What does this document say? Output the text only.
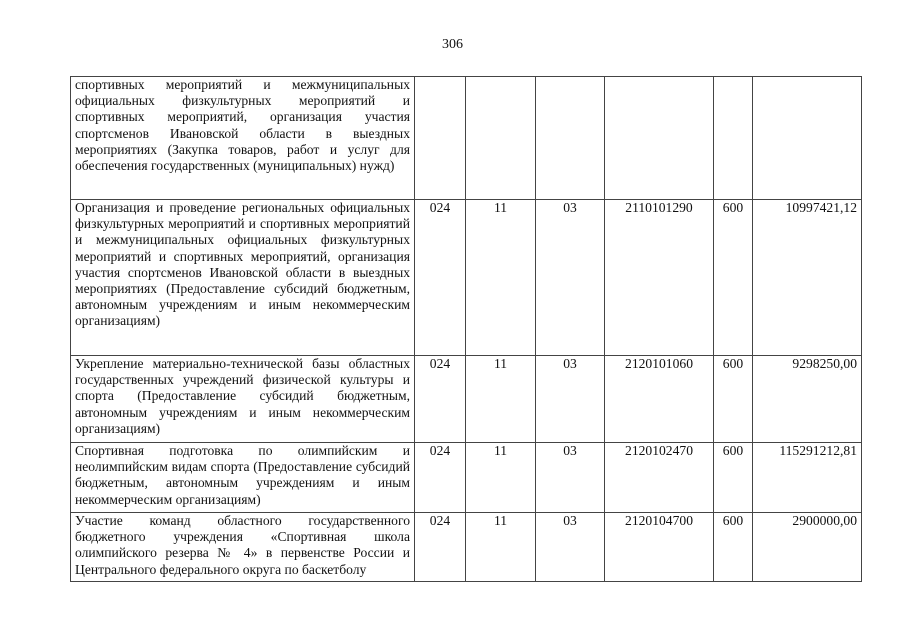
306
спортивных мероприятий и межмуниципальных официальных физкультурных мероприятий и спортивных мероприятий, организация участия спортсменов Ивановской области в выездных мероприятиях (Закупка товаров, работ и услуг для обеспечения государственных (муниципальных) нужд)						
Организация и проведение региональных официальных физкультурных мероприятий и спортивных мероприятий и межмуниципальных официальных физкультурных мероприятий и спортивных мероприятий, организация участия спортсменов Ивановской области в выездных мероприятиях (Предоставление субсидий бюджетным, автономным учреждениям и иным некоммерческим организациям)	024	11	03	2110101290	600	10997421,12
Укрепление материально-технической базы областных государственных учреждений физической культуры и спорта (Предоставление субсидий бюджетным, автономным учреждениям и иным некоммерческим организациям)	024	11	03	2120101060	600	9298250,00
Спортивная подготовка по олимпийским и неолимпийским видам спорта (Предоставление субсидий бюджетным, автономным учреждениям и иным некоммерческим организациям)	024	11	03	2120102470	600	115291212,81
Участие команд областного государственного бюджетного учреждения «Спортивная школа олимпийского резерва № 4» в первенстве России и Центрального федерального округа по баскетболу	024	11	03	2120104700	600	2900000,00
